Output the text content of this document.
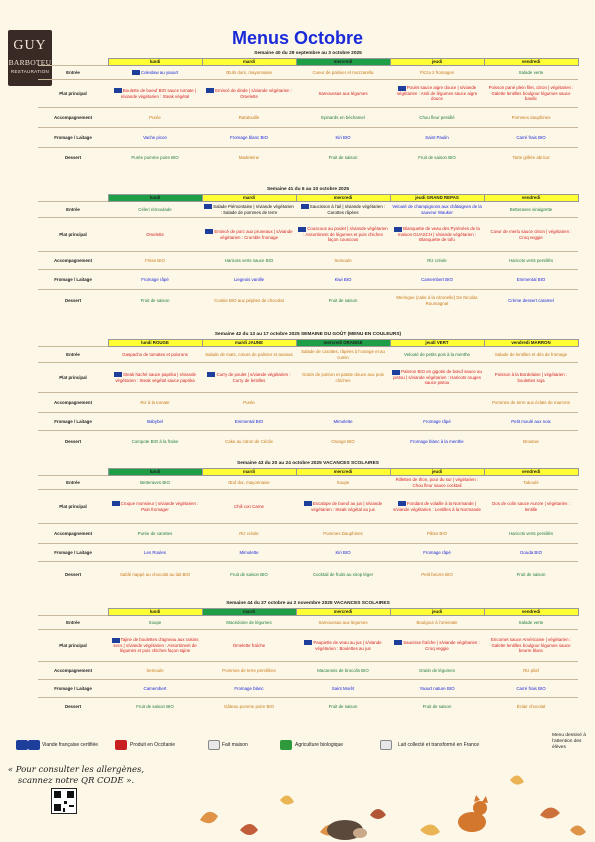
GUY
BARBOTEU
RESTAURATION
Menus Octobre
Semaine 40 du 29 septembre au 3 octobre 2025
	lundi	mardi	mercredi	jeudi	vendredi
Entrée	Coleslaw au yaourt	Œufs durs, mayonnaise	Coeur de palmier et mozzarella	Pizza 3 fromages	Salade verte
Plat principal	Boulette de boeuf BIO sauce tomate | s/viande végétarien : Steak végétal	Emincé de dinde | s/viande végétarien : Omelette	Samoussas aux légumes	Poulet sauce aigre douce | s/viande végétarien : Aïoli de légumes sauce aigre douce	Poisson pané plein filet, citron | végétarien : Galette lentilles boulgour légumes sauce basilic
Accompagnement	Purée	Ratatouille	Epinards en béchamel	Chou fleur persillé	Pommes dauphines
Fromage / Laitage	Vache picon	Fromage blanc BIO	Kiri BIO	Saint Paulin	Carré frais BIO
Dessert	Purée pomme poire BIO	Madeleine	Fruit de saison	Fruit de saison BIO	Tarte grillée abricot
Semaine 41 du 6 au 10 octobre 2025
	lundi	mardi	mercredi	jeudi GRAND REPAS	vendredi
Entrée	Céleri rémoulade	Salade Piémontaise | s/viande végétarien : Salade de pommes de terre	Saucisson à l'ail | s/viande végétarien : Carottes râpées	Velouté de champignons aux châtaignes de la sauveur Wauker	Betteraves vinaigrette
Plat principal	Omelette	Emincé de porc aux pruneaux | s/viande végétarien : Crumble fromage	Couscous au poulet | s/viande végétarien : Assortiment de légumes et pois chiches façon couscous	Blanquette de veau des Pyrénées de la maison GUASCH | s/viande végétarien : Blanquette de tofu	Cœur de merlu sauce citron | végétarien : Croq veggie
Accompagnement	Frites BIO	Haricots verts sauce BIO	Semoule	Riz créole	Haricots verts persillés
Fromage / Laitage	Fromage râpé	Liegeois vanille	Kiwi BIO	Camembert BIO	Emmental BIO
Dessert	Fruit de saison	Cookie BIO aux pépites de chocolat	Fruit de saison	Meringue (cake à la citronelle) De Nicolas Roumagnat	Crème dessert caramel
Semaine 42 du 13 au 17 octobre 2025 SEMAINE DU GOÛT (MENU EN COULEURS)
	lundi ROUGE	mardi JAUNE	mercredi ORANGE	jeudi VERT	vendredi MARRON
Entrée	Gaspacho de tomates et poivrons	Salade de maïs, cœurs de palmier et ananas	Salade de carottes, râpées à l'orange et au cumin	Velouté de petits pois à la menthe	Salade de lentilles et dés de fromage
Plat principal	Steak haché sauce paprika | s/viande végétarien : Steak végétal sauce paprika	Curry de poulet | s/viande végétarien : Curry de lentilles	Gratin de potiron et patate douce aux pois chiches	Paleron BIO en gigotin de bœuf sauce au pistou | s/viande végétarien : Haricots rouges sauce pistou	Poisson à la Bordelaise | végétarien : boulettes soja
Accompagnement	Riz à la tomate	Purée			Pommes de terre aux éclats de marrons
Fromage / Laitage	Babybel	Emmental BIO	Mimolette	Fromage râpé	Petit moulé aux noix
Dessert	Compote BIO à la fraise	Cake au citron de Cécile	Orange BIO	Fromage blanc à la menthe	Brownie
Semaine 43 du 20 au 24 octobre 2025 VACANCES SCOLAIRES
	lundi	mardi	mercredi	jeudi	vendredi
Entrée	Betteraves BIO	Œuf dur, mayonnaise	Soupe	Rillettes de thon, pour du sur | végétarien : Chou fleur sauce cocktail	Taboulé
Plat principal	Croque monsieur | s/viande végétarien : Pain fromager	Chili con Carne	Escalope de boeuf au jus | s/viande végétarien : Steak végétal au jus	Fondant de volaille à la Normande | s/viande végétarien : Lentilles à la Normande	Dos de colin sauce Aurore | végétarien : lentille
Accompagnement	Purée de carottes	Riz créole	Pommes Dauphines	Pâtes BIO	Haricots verts persillés
Fromage / Laitage	Les Roules	Mimolette	Kiri BIO	Fromage râpé	Gouda BIO
Dessert	Sablé nappé au chocolat au lait BIO	Fruit de saison BIO	Cocktail de fruits au sirop léger	Petit beurre BIO	Fruit de saison
Semaine 44 du 27 octobre au 2 novembre 2025 VACANCES SCOLAIRES
	lundi	mardi	mercredi	jeudi	vendredi
Entrée	Soupe	Macédoine de légumes	Samoussas aux légumes	Boulgour à l'orientale	Salade verte
Plat principal	Tajine de boulettes d'agneau aux raisins secs | s/viande végétarien : Assortiment de légumes et pois chiches façon tajine	Omelette fraîche	Paupiette de veau au jus | s/viande végétarien : Boulettes au jus	Saucisse fraîche | s/viande végétarien : Croq veggie	Encornet sauce Américaine | végétarien : Galette lentilles boulgour légumes sauce beurre blanc
Accompagnement	Semoule	Pommes de terre persillées	Macaronis de brocolis BIO	Gratin de légumes	Riz pilaf
Fromage / Laitage	Camembert	Fromage blanc	Saint Morêt	Yaourt nature BIO	Carré frais BIO
Dessert	Fruit de saison BIO	Gâteau pomme poire BIO	Fruit de saison	Fruit de saison	Éclair chocolat
Viande française certifiée	Produit en Occitanie	Fait maison	Agriculture biologique	Lait collecté et transformé en France
Menu dessiné à l'attention des élèves
« Pour consulter les allergènes,
scannez notre QR CODE ».
